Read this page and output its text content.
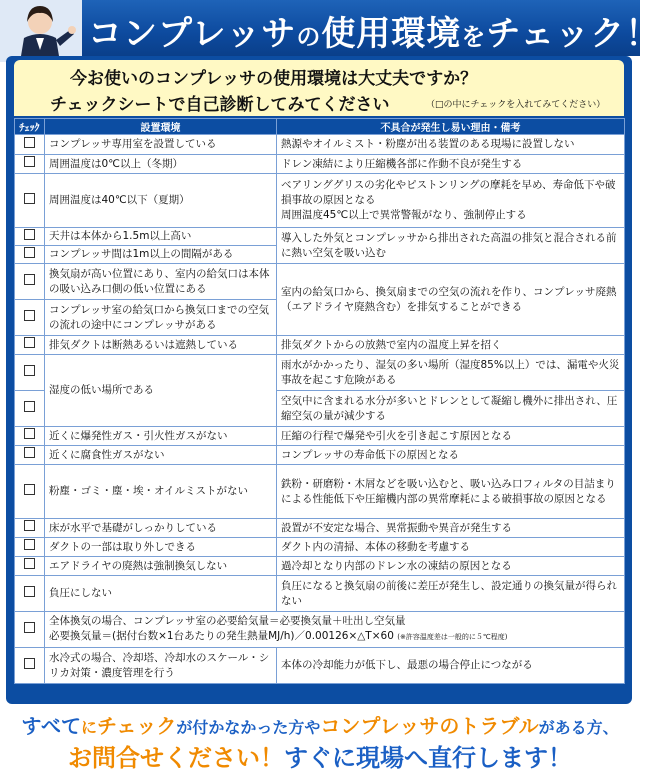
コンプレッサの使用環境をチェック！
今お使いのコンプレッサの使用環境は大丈夫ですか？
チェックシートで自己診断してみてください	（□の中にチェックを入れてみてください）
ﾁｪｯｸ	設置環境	不具合が発生し易い理由・備考
	コンプレッサ専用室を設置している	熱源やオイルミスト・粉塵が出る装置のある現場に設置しない
	周囲温度は0℃以上（冬期）	ドレン凍結により圧縮機各部に作動不良が発生する
	周囲温度は40℃以下（夏期）	ベアリンググリスの劣化やピストンリングの摩耗を早め、寿命低下や破損事故の原因となる
周囲温度45℃以上で異常警報がなり、強制停止する
	天井は本体から1.5m以上高い	導入した外気とコンプレッサから排出された高温の排気と混合される前に熱い空気を吸い込む
	コンプレッサ間は1m以上の間隔がある	
	換気扇が高い位置にあり、室内の給気口は本体の吸い込み口側の低い位置にある	室内の給気口から、換気扇までの空気の流れを作り、コンプレッサ廃熱（エアドライヤ廃熱含む）を排気することができる
	コンプレッサ室の給気口から換気口までの空気の流れの途中にコンプレッサがある	
	排気ダクトは断熱あるいは遮熱している	排気ダクトからの放熱で室内の温度上昇を招く
	湿度の低い場所である	雨水がかかったり、湿気の多い場所（湿度85%以上）では、漏電や火災事故を起こす危険がある
		空気中に含まれる水分が多いとドレンとして凝縮し機外に排出され、圧縮空気の量が減少する
	近くに爆発性ガス・引火性ガスがない	圧縮の行程で爆発や引火を引き起こす原因となる
	近くに腐食性ガスがない	コンプレッサの寿命低下の原因となる
	粉塵・ゴミ・塵・埃・オイルミストがない	鉄粉・研磨粉・木屑などを吸い込むと、吸い込み口フィルタの目詰まりによる性能低下や圧縮機内部の異常摩耗による破損事故の原因となる
	床が水平で基礎がしっかりしている	設置が不安定な場合、異常振動や異音が発生する
	ダクトの一部は取り外しできる	ダクト内の清掃、本体の移動を考慮する
	エアドライヤの廃熱は強制換気しない	過冷却となり内部のドレン水の凍結の原因となる
	負圧にしない	負圧になると換気扇の前後に差圧が発生し、設定通りの換気量が得られない

	全体換気の場合、コンプレッサ室の必要給気量＝必要換気量＋吐出し空気量
必要換気量＝(据付台数×1台あたりの発生熱量MJ/h)／0.00126×△T×60 (※許容温度差は一般的に５℃程度)	

	水冷式の場合、冷却塔、冷却水のスケール・シリカ対策・濃度管理を行う	本体の冷却能力が低下し、最悪の場合停止につながる
すべてにチェックが付かなかった方やコンプレッサのトラブルがある方、
お問合せください！すぐに現場へ直行します！
